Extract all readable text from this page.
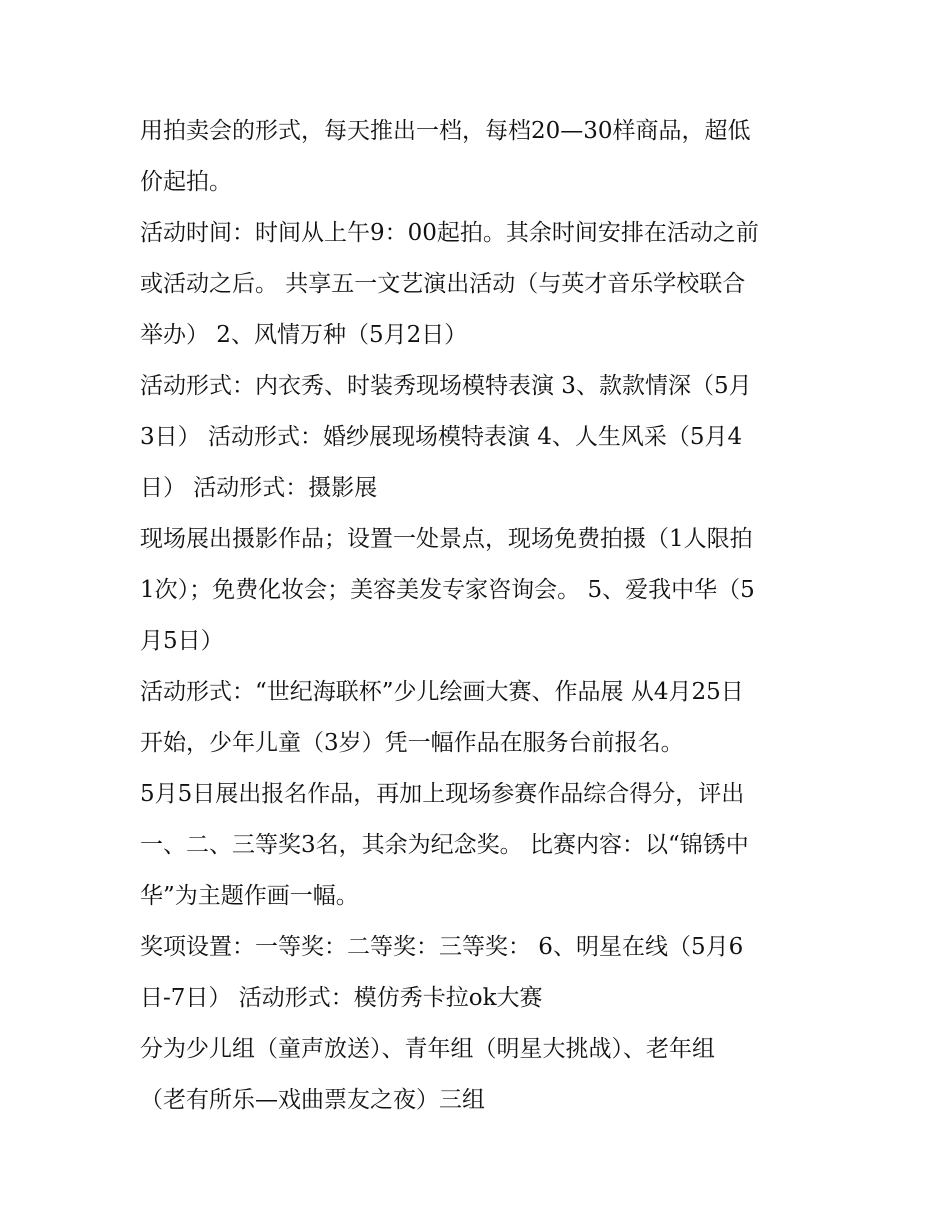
用拍卖会的形式，每天推出一档，每档20—30样商品，超低
价起拍。
活动时间：时间从上午9：00起拍。其余时间安排在活动之前
或活动之后。 共享五一文艺演出活动（与英才音乐学校联合
举办） 2、风情万种（5月2日）
活动形式：内衣秀、时装秀现场模特表演 3、款款情深（5月
3日） 活动形式：婚纱展现场模特表演 4、人生风采（5月4
日） 活动形式：摄影展
现场展出摄影作品；设置一处景点，现场免费拍摄（1人限拍
1次）；免费化妆会；美容美发专家咨询会。 5、爱我中华（5
月5日）
活动形式：“世纪海联杯”少儿绘画大赛、作品展 从4月25日
开始，少年儿童（3岁）凭一幅作品在服务台前报名。
5月5日展出报名作品，再加上现场参赛作品综合得分，评出
一、二、三等奖3名，其余为纪念奖。 比赛内容：以“锦锈中
华”为主题作画一幅。
奖项设置：一等奖：二等奖：三等奖： 6、明星在线（5月6
日-7日） 活动形式：模仿秀卡拉ok大赛
分为少儿组（童声放送）、青年组（明星大挑战）、老年组
（老有所乐—戏曲票友之夜）三组
